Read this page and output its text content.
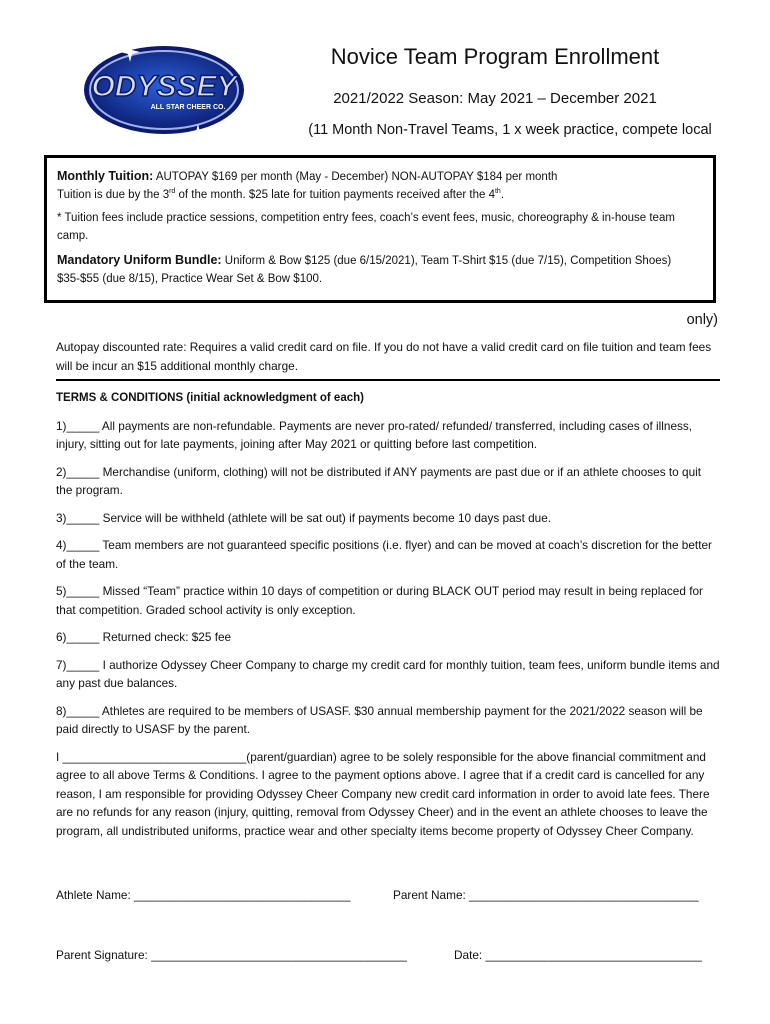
ODYSSEY
ALL STAR CHEER CO.
Novice Team Program Enrollment
2021/2022 Season: May 2021 – December 2021
(11 Month Non-Travel Teams, 1 x week practice, compete local

Monthly Tuition: AUTOPAY $169 per month (May - December) NON-AUTOPAY $184 per month
Tuition is due by the 3rd of the month. $25 late for tuition payments received after the 4th.

* Tuition fees include practice sessions, competition entry fees, coach’s event fees, music, choreography & in-house team camp.

Mandatory Uniform Bundle: Uniform & Bow $125 (due 6/15/2021), Team T-Shirt $15 (due 7/15), Competition Shoes) $35-$55 (due 8/15), Practice Wear Set & Bow $100.

only)

Autopay discounted rate: Requires a valid credit card on file. If you do not have a valid credit card on file tuition and team fees will be incur an $15 additional monthly charge.

TERMS & CONDITIONS (initial acknowledgment of each)

1)_____ All payments are non-refundable. Payments are never pro-rated/ refunded/ transferred, including cases of illness, injury, sitting out for late payments, joining after May 2021 or quitting before last competition.

2)_____ Merchandise (uniform, clothing) will not be distributed if ANY payments are past due or if an athlete chooses to quit the program.

3)_____ Service will be withheld (athlete will be sat out) if payments become 10 days past due.

4)_____ Team members are not guaranteed specific positions (i.e. flyer) and can be moved at coach’s discretion for the better of the team.

5)_____ Missed “Team” practice within 10 days of competition or during BLACK OUT period may result in being replaced for that competition. Graded school activity is only exception.

6)_____ Returned check: $25 fee

7)_____ I authorize Odyssey Cheer Company to charge my credit card for monthly tuition, team fees, uniform bundle items and any past due balances.

8)_____ Athletes are required to be members of USASF. $30 annual membership payment for the 2021/2022 season will be paid directly to USASF by the parent.

I ____________________________(parent/guardian) agree to be solely responsible for the above financial commitment and agree to all above Terms & Conditions. I agree to the payment options above. I agree that if a credit card is cancelled for any reason, I am responsible for providing Odyssey Cheer Company new credit card information in order to avoid late fees. There are no refunds for any reason (injury, quitting, removal from Odyssey Cheer) and in the event an athlete chooses to leave the program, all undistributed uniforms, practice wear and other specialty items become property of Odyssey Cheer Company.

Athlete Name: _________________________________	Parent Name: ___________________________________
Parent Signature: _______________________________________	Date: _________________________________
